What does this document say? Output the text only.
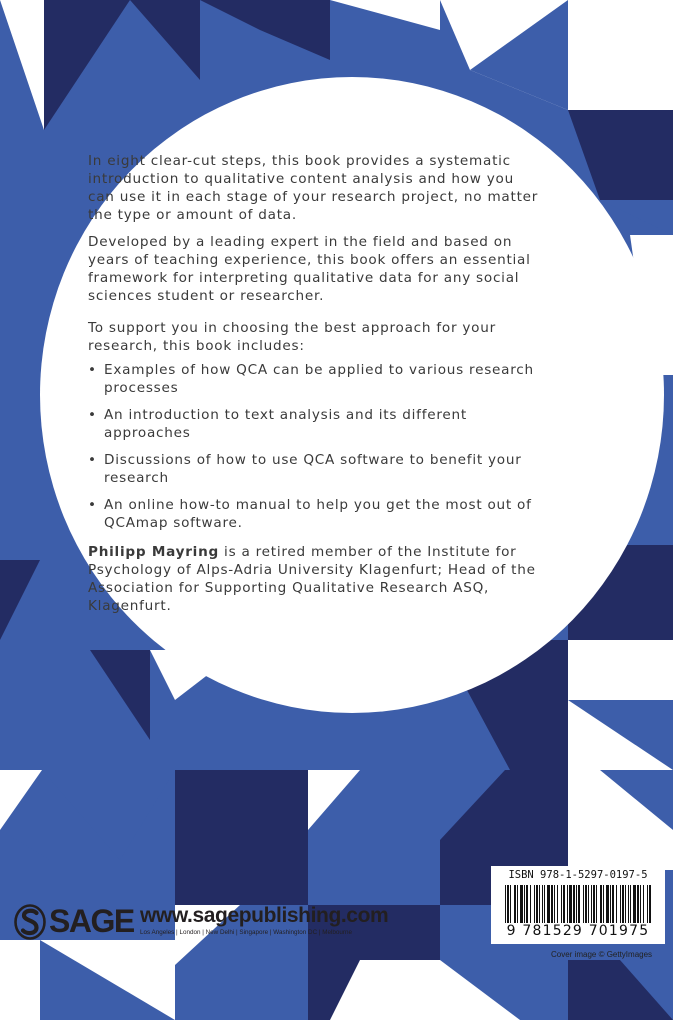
In eight clear-cut steps, this book provides a systematic introduction to qualitative content analysis and how you can use it in each stage of your research project, no matter the type or amount of data.

Developed by a leading expert in the field and based on years of teaching experience, this book offers an essential framework for interpreting qualitative data for any social sciences student or researcher.

To support you in choosing the best approach for your research, this book includes:

• Examples of how QCA can be applied to various research processes
• An introduction to text analysis and its different approaches
• Discussions of how to use QCA software to benefit your research
• An online how-to manual to help you get the most out of QCAmap software.

Philipp Mayring is a retired member of the Institute for Psychology of Alps-Adria University Klagenfurt; Head of the Association for Supporting Qualitative Research ASQ, Klagenfurt.

SAGE www.sagepublishing.com
Los Angeles | London | New Delhi | Singapore | Washington DC | Melbourne
ISBN 978-1-5297-0197-5
9 781529 701975
Cover image © GettyImages
